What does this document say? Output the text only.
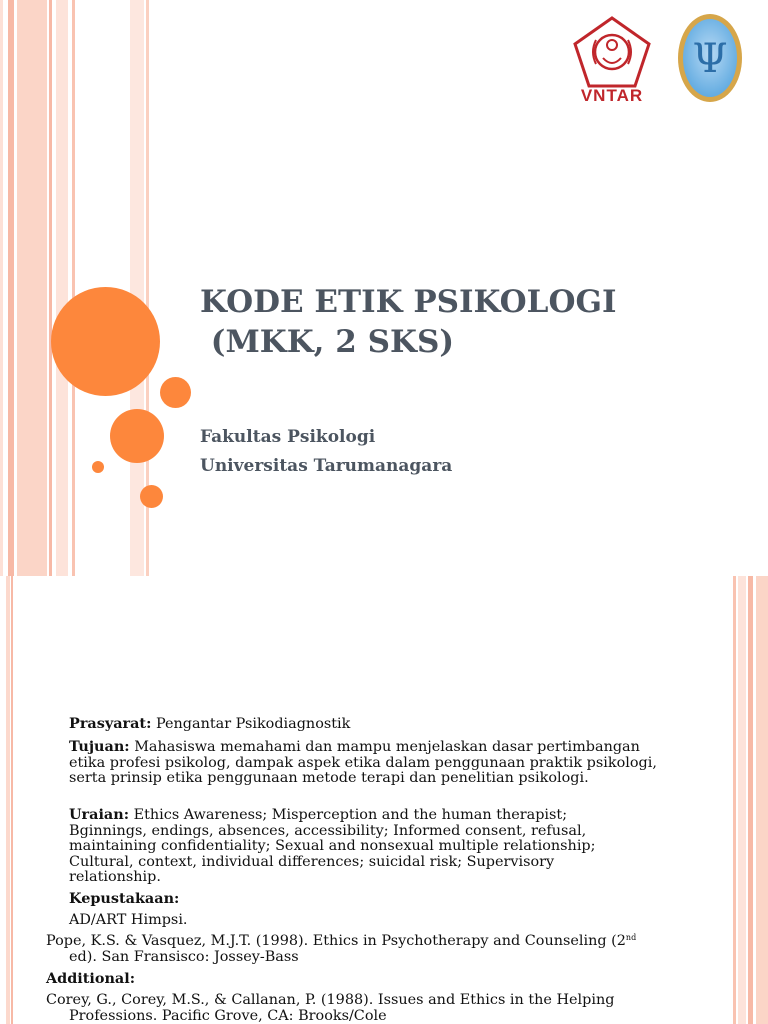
VNTAR
Ψ
KODE ETIK PSIKOLOGI
(MKK, 2 SKS)
Fakultas Psikologi
Universitas Tarumanagara
Prasyarat: Pengantar Psikodiagnostik
Tujuan: Mahasiswa memahami dan mampu menjelaskan dasar pertimbangan etika profesi psikolog, dampak aspek etika dalam penggunaan praktik psikologi, serta prinsip etika penggunaan metode terapi dan penelitian psikologi.
Uraian: Ethics Awareness; Misperception and the human therapist; Bginnings, endings, absences, accessibility; Informed consent, refusal, maintaining confidentiality; Sexual and nonsexual multiple relationship; Cultural, context, individual differences; suicidal risk; Supervisory relationship.
Kepustakaan:
AD/ART Himpsi.
Pope, K.S. & Vasquez, M.J.T. (1998). Ethics in Psychotherapy and Counseling (2nd
ed). San Fransisco: Jossey-Bass
Additional:
Corey, G., Corey, M.S., & Callanan, P. (1988). Issues and Ethics in the Helping Professions. Pacific Grove, CA: Brooks/Cole
